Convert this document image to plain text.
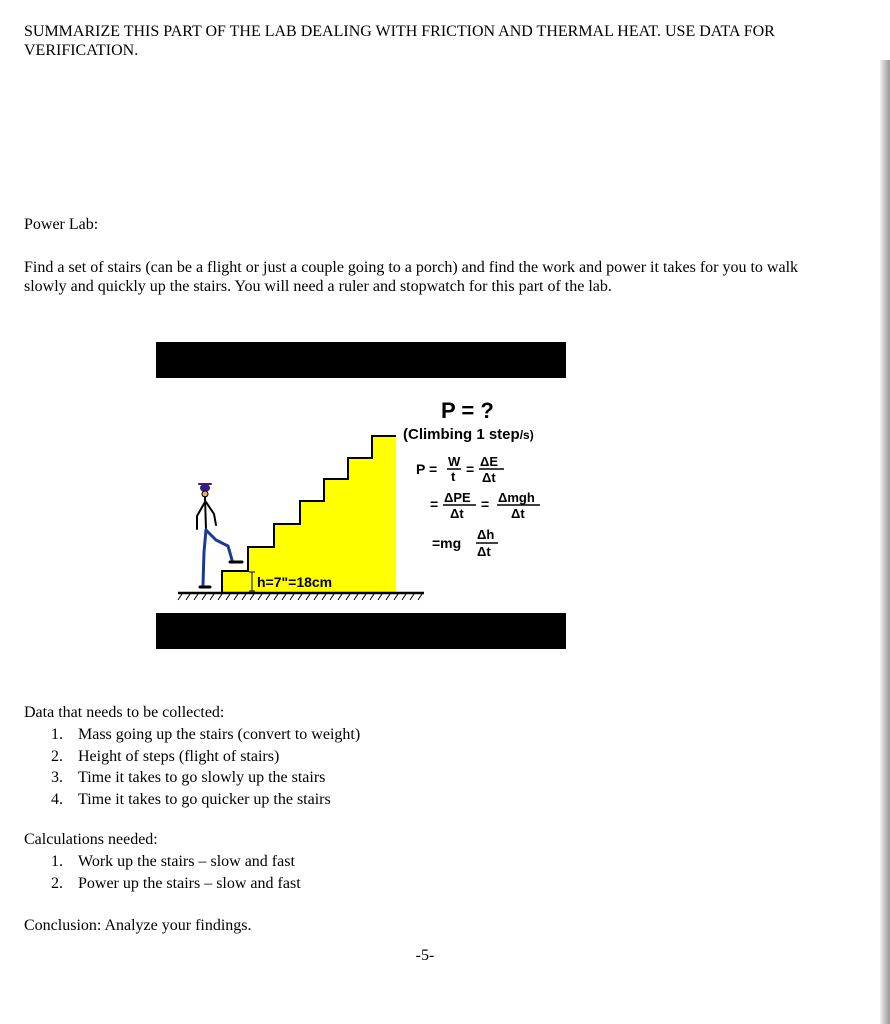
SUMMARIZE THIS PART OF THE LAB DEALING WITH FRICTION AND THERMAL HEAT. USE DATA FOR VERIFICATION.

Power Lab:

Find a set of stairs (can be a flight or just a couple going to a porch) and find the work and power it takes for you to walk slowly and quickly up the stairs. You will need a ruler and stopwatch for this part of the lab.

h=7"=18cm
P = ?
(Climbing 1 step/s)
P = W
t = ΔE
Δt
= ΔPE
Δt
= Δmgh
Δt
=mg
Δh
Δt

Data that needs to be collected:

1. Mass going up the stairs (convert to weight)
2. Height of steps (flight of stairs)
3. Time it takes to go slowly up the stairs
4. Time it takes to go quicker up the stairs

Calculations needed:

1. Work up the stairs – slow and fast
2. Power up the stairs – slow and fast

Conclusion: Analyze your findings.

-5-
